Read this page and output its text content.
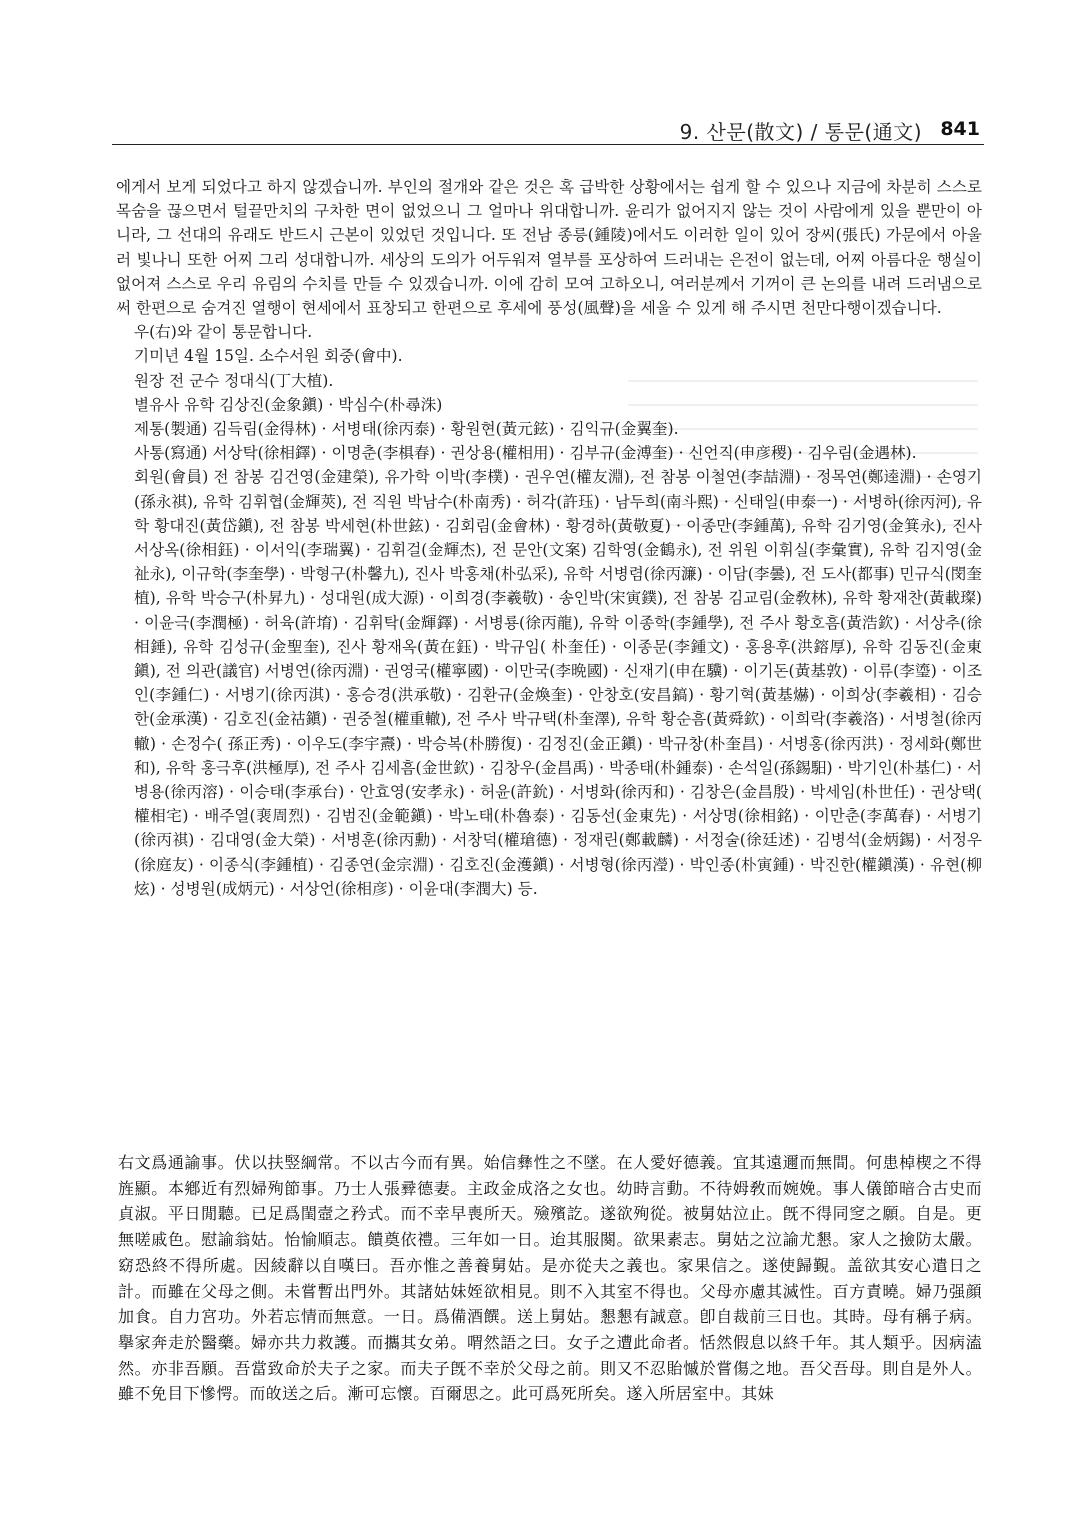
9. 산문(散文) / 통문(通文) 841

에게서 보게 되었다고 하지 않겠습니까. 부인의 절개와 같은 것은 혹 급박한 상황에서는 쉽게 할 수 있으나 지금에 차분히 스스로 목숨을 끊으면서 털끝만치의 구차한 면이 없었으니 그 얼마나 위대합니까. 윤리가 없어지지 않는 것이 사람에게 있을 뿐만이 아니라, 그 선대의 유래도 반드시 근본이 있었던 것입니다. 또 전남 종릉(鍾陵)에서도 이러한 일이 있어 장씨(張氏) 가문에서 아울러 빛나니 또한 어찌 그리 성대합니까. 세상의 도의가 어두워져 열부를 포상하여 드러내는 은전이 없는데, 어찌 아름다운 행실이 없어져 스스로 우리 유림의 수치를 만들 수 있겠습니까. 이에 감히 모여 고하오니, 여러분께서 기꺼이 큰 논의를 내려 드러냄으로써 한편으로 숨겨진 열행이 현세에서 표창되고 한편으로 후세에 풍성(風聲)을 세울 수 있게 해 주시면 천만다행이겠습니다.

우(右)와 같이 통문합니다.

기미년 4월 15일. 소수서원 회중(會中).

원장 전 군수 정대식(丁大植).

별유사 유학 김상진(金象鎭) · 박심수(朴尋洙)

제통(製通) 김득림(金得林) · 서병태(徐丙泰) · 황원현(黃元鉉) · 김익규(金翼奎).

사통(寫通) 서상탁(徐相鐸) · 이명춘(李椇春) · 권상용(權相用) · 김부규(金溥奎) · 신언직(申彦稷) · 김우림(金遇林).

회원(會員) 전 참봉 김건영(金建榮), 유가학 이박(李樸) · 권우연(權友淵), 전 참봉 이철연(李喆淵) · 정목연(鄭逵淵) · 손영기(孫永祺), 유학 김휘협(金輝莢), 전 직원 박남수(朴南秀) · 허각(許珏) · 남두희(南斗熙) · 신태일(申泰一) · 서병하(徐丙河), 유학 황대진(黃岱鎭), 전 참봉 박세현(朴世鉉) · 김회림(金會林) · 황경하(黃敬夏) · 이종만(李鍾萬), 유학 김기영(金箕永), 진사 서상옥(徐相鈺) · 이서익(李瑞翼) · 김휘걸(金輝杰), 전 문안(文案) 김학영(金鶴永), 전 위원 이휘실(李彙實), 유학 김지영(金祉永), 이규학(李奎學) · 박형구(朴馨九), 진사 박홍채(朴弘采), 유학 서병렴(徐丙濂) · 이담(李曇), 전 도사(都事) 민규식(閔奎植), 유학 박승구(朴昇九) · 성대원(成大源) · 이희경(李羲敬) · 송인박(宋寅鏷), 전 참봉 김교림(金敎林), 유학 황재찬(黃載璨) · 이윤극(李潤極) · 허육(許堉) · 김휘탁(金輝鐸) · 서병룡(徐丙龍), 유학 이종학(李鍾學), 전 주사 황호흠(黃浩欽) · 서상추(徐相錘), 유학 김성규(金聖奎), 진사 황재옥(黃在鈺) · 박규임( 朴奎任) · 이종문(李鍾文) · 홍용후(洪鎔厚), 유학 김동진(金東鎭), 전 의관(議官) 서병연(徐丙淵) · 권영국(權寧國) · 이만국(李晩國) · 신재기(申在驥) · 이기돈(黃基敦) · 이류(李瑬) · 이조인(李鍾仁) · 서병기(徐丙淇) · 홍승경(洪承敬) · 김환규(金煥奎) · 안창호(安昌鎬) · 황기혁(黃基爀) · 이희상(李羲相) · 김승한(金承漢) · 김호진(金祜鎭) · 권중철(權重轍), 전 주사 박규택(朴奎澤), 유학 황순흠(黃舜欽) · 이희락(李羲洛) · 서병철(徐丙轍) · 손정수( 孫正秀) · 이우도(李宇燾) · 박승복(朴勝復) · 김정진(金正鎭) · 박규창(朴奎昌) · 서병홍(徐丙洪) · 정세화(鄭世和), 유학 홍극후(洪極厚), 전 주사 김세흠(金世欽) · 김창우(金昌禹) · 박종태(朴鍾泰) · 손석일(孫錫馹) · 박기인(朴基仁) · 서병용(徐丙溶) · 이승태(李承台) · 안효영(安孝永) · 허윤(許鈗) · 서병화(徐丙和) · 김창은(金昌殷) · 박세임(朴世任) · 권상택( 權相宅) · 배주열(裵周烈) · 김범진(金範鎭) · 박노태(朴魯泰) · 김동선(金東先) · 서상명(徐相銘) · 이만춘(李萬春) · 서병기(徐丙祺) · 김대영(金大榮) · 서병훈(徐丙勳) · 서창덕(權瑲德) · 정재린(鄭載麟) · 서정술(徐廷述) · 김병석(金炳錫) · 서정우(徐庭友) · 이종식(李鍾植) · 김종연(金宗淵) · 김호진(金濩鎭) · 서병형(徐丙瀅) · 박인종(朴寅鍾) · 박진한(權鎭漢) · 유현(柳炫) · 성병원(成炳元) · 서상언(徐相彦) · 이윤대(李潤大) 등.

右文爲通諭事。伏以扶竪綱常。不以古今而有異。始信彝性之不墜。在人愛好德義。宜其遠邇而無間。何患棹楔之不得旌顯。本鄕近有烈婦殉節事。乃士人張彛德妻。主政金成洛之女也。幼時言動。不待姆敎而婉娩。事人儀節暗合古史而貞淑。平日閒聽。已足爲閨壼之矜式。而不幸早喪所天。殮殯訖。遂欲殉從。被舅姑泣止。旣不得同窆之願。自是。更無嗟戚色。慰諭翁姑。怡愉順志。饋奠依禮。三年如一日。迨其服闋。欲果素志。舅姑之泣諭尤懇。家人之撿防太嚴。窈恐終不得所處。因綾辭以自嘆曰。吾亦惟之善養舅姑。是亦從夫之義也。家果信之。遂使歸覲。盖欲其安心遣日之計。而雖在父母之側。未嘗暫出門外。其諸姑妹姪欲相見。則不入其室不得也。父母亦慮其滅性。百方責曉。婦乃强顔加食。自力宮功。外若忘情而無意。一日。爲備酒饌。送上舅姑。懇懇有誠意。卽自裁前三日也。其時。母有稱子病。擧家奔走於醫藥。婦亦共力救護。而攜其女弟。喟然語之曰。女子之遭此命者。恬然假息以終千年。其人類乎。因病溘然。亦非吾願。吾當致命於夫子之家。而夫子旣不幸於父母之前。則又不忍貽慽於嘗傷之地。吾父吾母。則自是外人。雖不免目下慘愕。而敀送之后。漸可忘懷。百爾思之。此可爲死所矣。遂入所居室中。其妹
